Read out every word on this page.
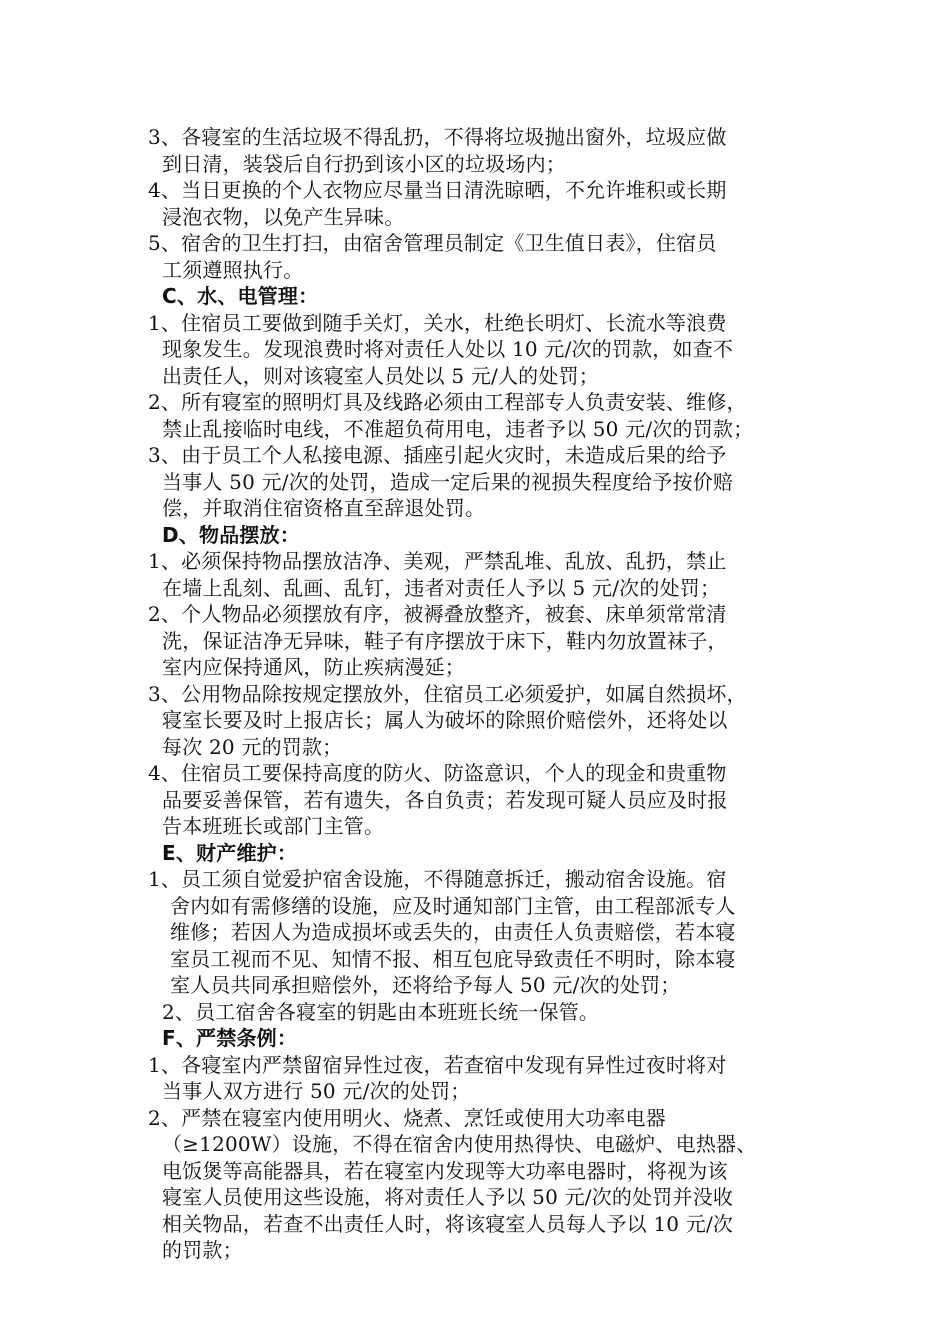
3、各寝室的生活垃圾不得乱扔，不得将垃圾抛出窗外，垃圾应做
到日清，装袋后自行扔到该小区的垃圾场内；
4、当日更换的个人衣物应尽量当日清洗晾晒，不允许堆积或长期
浸泡衣物，以免产生异味。
5、宿舍的卫生打扫，由宿舍管理员制定《卫生值日表》，住宿员
工须遵照执行。
C、水、电管理：
1、住宿员工要做到随手关灯，关水，杜绝长明灯、长流水等浪费
现象发生。发现浪费时将对责任人处以 10 元/次的罚款，如查不
出责任人，则对该寝室人员处以 5 元/人的处罚；
2、所有寝室的照明灯具及线路必须由工程部专人负责安装、维修，
禁止乱接临时电线，不准超负荷用电，违者予以 50 元/次的罚款；
3、由于员工个人私接电源、插座引起火灾时，未造成后果的给予
当事人 50 元/次的处罚，造成一定后果的视损失程度给予按价赔
偿，并取消住宿资格直至辞退处罚。
D、物品摆放：
1、必须保持物品摆放洁净、美观，严禁乱堆、乱放、乱扔，禁止
在墙上乱刻、乱画、乱钉，违者对责任人予以 5 元/次的处罚；
2、个人物品必须摆放有序，被褥叠放整齐，被套、床单须常常清
洗，保证洁净无异味，鞋子有序摆放于床下，鞋内勿放置袜子，
室内应保持通风，防止疾病漫延；
3、公用物品除按规定摆放外，住宿员工必须爱护，如属自然损坏，
寝室长要及时上报店长；属人为破坏的除照价赔偿外，还将处以
每次 20 元的罚款；
4、住宿员工要保持高度的防火、防盗意识，个人的现金和贵重物
品要妥善保管，若有遗失，各自负责；若发现可疑人员应及时报
告本班班长或部门主管。
E、财产维护：
1、员工须自觉爱护宿舍设施，不得随意拆迁，搬动宿舍设施。宿
舍内如有需修缮的设施，应及时通知部门主管，由工程部派专人
维修；若因人为造成损坏或丢失的，由责任人负责赔偿，若本寝
室员工视而不见、知情不报、相互包庇导致责任不明时，除本寝
室人员共同承担赔偿外，还将给予每人 50 元/次的处罚；
2、员工宿舍各寝室的钥匙由本班班长统一保管。
F、严禁条例：
1、各寝室内严禁留宿异性过夜，若查宿中发现有异性过夜时将对
当事人双方进行 50 元/次的处罚；
2、严禁在寝室内使用明火、烧煮、烹饪或使用大功率电器
（≥1200W）设施，不得在宿舍内使用热得快、电磁炉、电热器、
电饭煲等高能器具，若在寝室内发现等大功率电器时，将视为该
寝室人员使用这些设施，将对责任人予以 50 元/次的处罚并没收
相关物品，若查不出责任人时，将该寝室人员每人予以 10 元/次
的罚款；
